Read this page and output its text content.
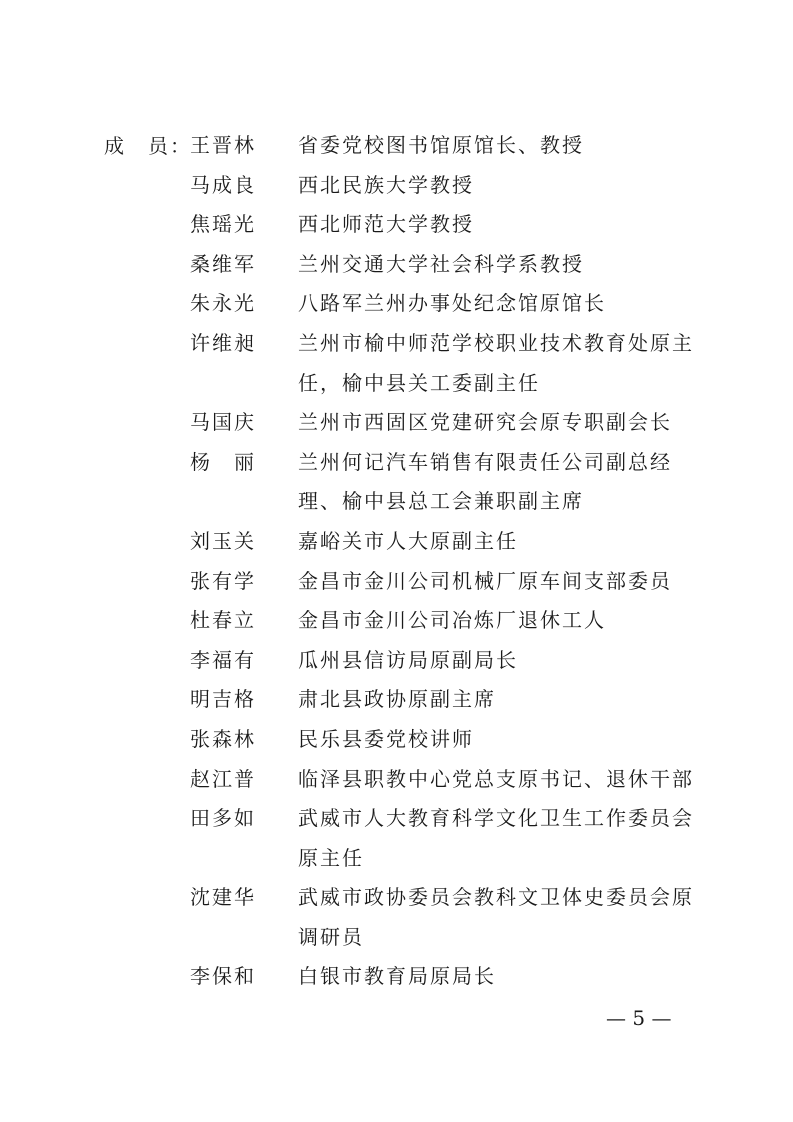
成　员：
王晋林	省委党校图书馆原馆长、教授
马成良	西北民族大学教授
焦瑶光	西北师范大学教授
桑维军	兰州交通大学社会科学系教授
朱永光	八路军兰州办事处纪念馆原馆长
许维昶	兰州市榆中师范学校职业技术教育处原主任，榆中县关工委副主任
马国庆	兰州市西固区党建研究会原专职副会长
杨　丽	兰州何记汽车销售有限责任公司副总经理、榆中县总工会兼职副主席
刘玉关	嘉峪关市人大原副主任
张有学	金昌市金川公司机械厂原车间支部委员
杜春立	金昌市金川公司冶炼厂退休工人
李福有	瓜州县信访局原副局长
明吉格	肃北县政协原副主席
张森林	民乐县委党校讲师
赵江普	临泽县职教中心党总支原书记、退休干部
田多如	武威市人大教育科学文化卫生工作委员会原主任
沈建华	武威市政协委员会教科文卫体史委员会原调研员
李保和	白银市教育局原局长
— 5 —
